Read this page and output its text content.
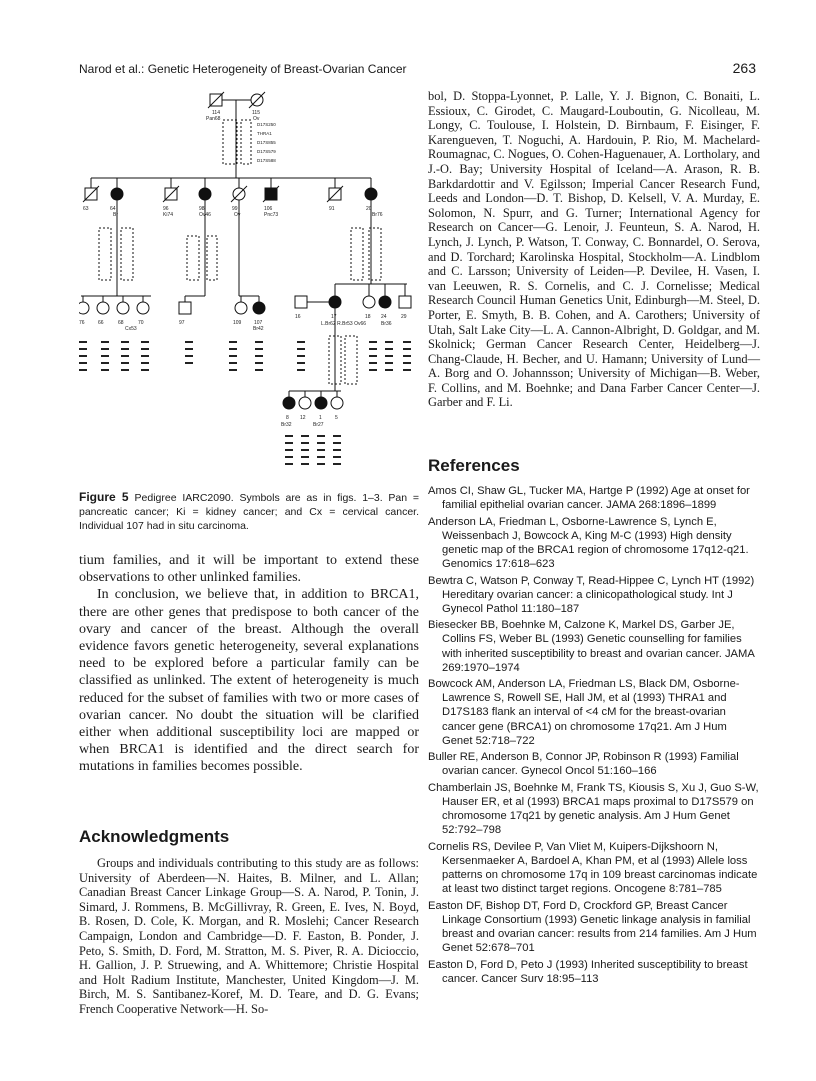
Narod et al.: Genetic Heterogeneity of Breast-Ovarian Cancer	263
114
Pan68
115
Ov
D17S250
THRA1
D17S855
D17S579
D17S588
63	64	96	98	99	106	91	20
Br	Ki74	Ov46	Ov	Pnc73	Br76
76	66	68	70
Cx53
97	109	107
Br42
16	17	18 24	29
L.Br62 R.Br53 Ov66	Br36
8 12	1	5
Br32	Br27
Figure 5 Pedigree IARC2090. Symbols are as in figs. 1–3. Pan = pancreatic cancer; Ki = kidney cancer; and Cx = cervical cancer. Individual 107 had in situ carcinoma.

tium families, and it will be important to extend these observations to other unlinked families.

In conclusion, we believe that, in addition to BRCA1, there are other genes that predispose to both cancer of the ovary and cancer of the breast. Although the overall evidence favors genetic heterogeneity, several explanations need to be explored before a particular family can be classified as unlinked. The extent of heterogeneity is much reduced for the subset of families with two or more cases of ovarian cancer. No doubt the situation will be clarified either when additional susceptibility loci are mapped or when BRCA1 is identified and the direct search for mutations in families becomes possible.

Acknowledgments
Groups and individuals contributing to this study are as follows: University of Aberdeen—N. Haites, B. Milner, and L. Allan; Canadian Breast Cancer Linkage Group—S. A. Narod, P. Tonin, J. Simard, J. Rommens, B. McGillivray, R. Green, E. Ives, N. Boyd, B. Rosen, D. Cole, K. Morgan, and R. Moslehi; Cancer Research Campaign, London and Cambridge—D. F. Easton, B. Ponder, J. Peto, S. Smith, D. Ford, M. Stratton, M. S. Piver, R. A. Dicioccio, H. Gallion, J. P. Struewing, and A. Whittemore; Christie Hospital and Holt Radium Institute, Manchester, United Kingdom—J. M. Birch, M. S. Santibanez-Koref, M. D. Teare, and D. G. Evans; French Cooperative Network—H. So-
bol, D. Stoppa-Lyonnet, P. Lalle, Y. J. Bignon, C. Bonaiti, L. Essioux, C. Girodet, C. Maugard-Louboutin, G. Nicolleau, M. Longy, C. Toulouse, I. Holstein, D. Birnbaum, F. Eisinger, F. Karengueven, T. Noguchi, A. Hardouin, P. Rio, M. Machelard-Roumagnac, C. Nogues, O. Cohen-Haguenauer, A. Lortholary, and J.-O. Bay; University Hospital of Iceland—A. Arason, R. B. Barkdardottir and V. Egilsson; Imperial Cancer Research Fund, Leeds and London—D. T. Bishop, D. Kelsell, V. A. Murday, E. Solomon, N. Spurr, and G. Turner; International Agency for Research on Cancer—G. Lenoir, J. Feunteun, S. A. Narod, H. Lynch, J. Lynch, P. Watson, T. Conway, C. Bonnardel, O. Serova, and D. Torchard; Karolinska Hospital, Stockholm—A. Lindblom and C. Larsson; University of Leiden—P. Devilee, H. Vasen, I. van Leeuwen, R. S. Cornelis, and C. J. Cornelisse; Medical Research Council Human Genetics Unit, Edinburgh—M. Steel, D. Porter, E. Smyth, B. B. Cohen, and A. Carothers; University of Utah, Salt Lake City—L. A. Cannon-Albright, D. Goldgar, and M. Skolnick; German Cancer Research Center, Heidelberg—J. Chang-Claude, H. Becher, and U. Hamann; University of Lund—A. Borg and O. Johannsson; University of Michigan—B. Weber, F. Collins, and M. Boehnke; and Dana Farber Cancer Center—J. Garber and F. Li.
References
Amos CI, Shaw GL, Tucker MA, Hartge P (1992) Age at onset for familial epithelial ovarian cancer. JAMA 268:1896–1899
Anderson LA, Friedman L, Osborne-Lawrence S, Lynch E, Weissenbach J, Bowcock A, King M-C (1993) High density genetic map of the BRCA1 region of chromosome 17q12-q21. Genomics 17:618–623
Bewtra C, Watson P, Conway T, Read-Hippee C, Lynch HT (1992) Hereditary ovarian cancer: a clinicopathological study. Int J Gynecol Pathol 11:180–187
Biesecker BB, Boehnke M, Calzone K, Markel DS, Garber JE, Collins FS, Weber BL (1993) Genetic counselling for families with inherited susceptibility to breast and ovarian cancer. JAMA 269:1970–1974
Bowcock AM, Anderson LA, Friedman LS, Black DM, Osborne-Lawrence S, Rowell SE, Hall JM, et al (1993) THRA1 and D17S183 flank an interval of <4 cM for the breast-ovarian cancer gene (BRCA1) on chromosome 17q21. Am J Hum Genet 52:718–722
Buller RE, Anderson B, Connor JP, Robinson R (1993) Familial ovarian cancer. Gynecol Oncol 51:160–166
Chamberlain JS, Boehnke M, Frank TS, Kiousis S, Xu J, Guo S-W, Hauser ER, et al (1993) BRCA1 maps proximal to D17S579 on chromosome 17q21 by genetic analysis. Am J Hum Genet 52:792–798
Cornelis RS, Devilee P, Van Vliet M, Kuipers-Dijkshoorn N, Kersenmaeker A, Bardoel A, Khan PM, et al (1993) Allele loss patterns on chromosome 17q in 109 breast carcinomas indicate at least two distinct target regions. Oncogene 8:781–785
Easton DF, Bishop DT, Ford D, Crockford GP, Breast Cancer Linkage Consortium (1993) Genetic linkage analysis in familial breast and ovarian cancer: results from 214 families. Am J Hum Genet 52:678–701
Easton D, Ford D, Peto J (1993) Inherited susceptibility to breast cancer. Cancer Surv 18:95–113
